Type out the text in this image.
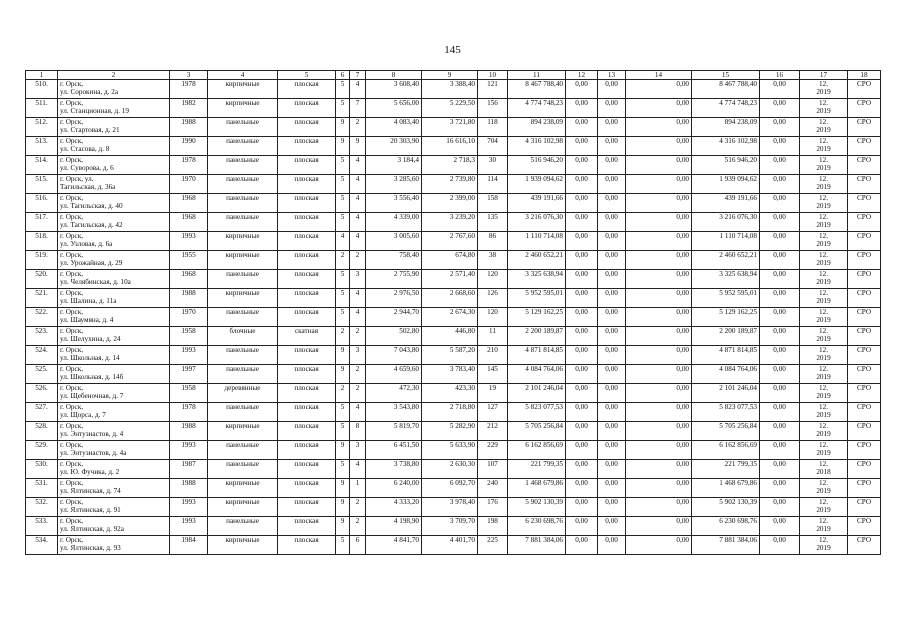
145
1	2	3	4	5	6	7	8	9	10	11	12	13	14	15	16	17	18
510.	г. Орск,
ул. Сорокина, д. 2а	1978	кирпичные	плоская	5	4	3 608,40	3 388,40	121	8 467 788,40	0,00	0,00	0,00	8 467 788,40	0,00	12.
2019	СРО
511.	г. Орск,
ул. Станционная, д. 19	1982	кирпичные	плоская	5	7	5 656,00	5 229,50	156	4 774 748,23	0,00	0,00	0,00	4 774 748,23	0,00	12.
2019	СРО
512.	г. Орск,
ул. Стартовая, д. 21	1988	панельные	плоская	9	2	4 083,40	3 721,80	118	894 238,09	0,00	0,00	0,00	894 238,09	0,00	12.
2019	СРО
513.	г. Орск,
ул. Стасова, д. 8	1990	панельные	плоская	9	9	20 303,90	16 616,10	704	4 316 102,98	0,00	0,00	0,00	4 316 102,98	0,00	12.
2019	СРО
514.	г. Орск,
ул. Суворова, д. 6	1978	панельные	плоская	5	4	3 184,4	2 718,3	30	516 946,20	0,00	0,00	0,00	516 946,20	0,00	12.
2019	СРО
515.	г. Орск, ул.
Тагильская, д. 36а	1970	панельные	плоская	5	4	3 285,60	2 739,80	114	1 939 094,62	0,00	0,00	0,00	1 939 094,62	0,00	12.
2019	СРО
516.	г. Орск,
ул. Тагильская, д. 40	1968	панельные	плоская	5	4	3 556,40	2 399,00	158	439 191,66	0,00	0,00	0,00	439 191,66	0,00	12.
2019	СРО
517.	г. Орск,
ул. Тагильская, д. 42	1968	панельные	плоская	5	4	4 339,00	3 239,20	135	3 216 076,30	0,00	0,00	0,00	3 216 076,30	0,00	12.
2019	СРО
518.	г. Орск,
ул. Узловая, д. 6а	1993	кирпичные	плоская	4	4	3 005,60	2 767,60	86	1 110 714,08	0,00	0,00	0,00	1 110 714,08	0,00	12.
2019	СРО
519.	г. Орск,
ул. Урожайная, д. 29	1955	кирпичные	плоская	2	2	758,40	674,80	38	2 460 652,21	0,00	0,00	0,00	2 460 652,21	0,00	12.
2019	СРО
520.	г. Орск,
ул. Челябинская, д. 10а	1968	панельные	плоская	5	3	2 755,90	2 571,40	120	3 325 638,94	0,00	0,00	0,00	3 325 638,94	0,00	12.
2019	СРО
521.	г. Орск,
ул. Шалина, д. 11а	1988	кирпичные	плоская	5	4	2 976,50	2 668,60	126	5 952 595,01	0,00	0,00	0,00	5 952 595,01	0,00	12.
2019	СРО
522.	г. Орск,
ул. Шаумяна, д. 4	1970	панельные	плоская	5	4	2 944,70	2 674,30	120	5 129 162,25	0,00	0,00	0,00	5 129 162,25	0,00	12.
2019	СРО
523.	г. Орск,
ул. Шелухина, д. 24	1958	блочные	скатная	2	2	502,80	446,80	11	2 200 189,87	0,00	0,00	0,00	2 200 189,87	0,00	12.
2019	СРО
524.	г. Орск,
ул. Школьная, д. 14	1993	панельные	плоская	9	3	7 043,80	5 587,20	210	4 871 814,85	0,00	0,00	0,00	4 871 814,85	0,00	12.
2019	СРО
525.	г. Орск,
ул. Школьная, д. 14б	1997	панельные	плоская	9	2	4 659,60	3 783,40	145	4 084 764,06	0,00	0,00	0,00	4 084 764,06	0,00	12.
2019	СРО
526.	г. Орск,
ул. Щебеночная, д. 7	1958	деревянные	плоская	2	2	472,30	423,30	19	2 101 246,04	0,00	0,00	0,00	2 101 246,04	0,00	12.
2019	СРО
527.	г. Орск,
ул. Щорса, д. 7	1978	панельные	плоская	5	4	3 543,80	2 718,80	127	5 823 077,53	0,00	0,00	0,00	5 823 077,53	0,00	12.
2019	СРО
528.	г. Орск,
ул. Энтузиастов, д. 4	1988	кирпичные	плоская	5	8	5 819,70	5 282,90	212	5 705 256,84	0,00	0,00	0,00	5 705 256,84	0,00	12.
2019	СРО
529.	г. Орск,
ул. Энтузиастов, д. 4а	1993	панельные	плоская	9	3	6 451,50	5 633,90	229	6 162 856,69	0,00	0,00	0,00	6 162 856,69	0,00	12.
2019	СРО
530.	г. Орск,
ул. Ю. Фучика, д. 2	1987	панельные	плоская	5	4	3 738,80	2 630,30	107	221 799,35	0,00	0,00	0,00	221 799,35	0,00	12.
2018	СРО
531.	г. Орск,
ул. Ялтинская, д. 74	1988	кирпичные	плоская	9	1	6 240,00	6 092,70	240	1 468 679,86	0,00	0,00	0,00	1 468 679,86	0,00	12.
2019	СРО
532.	г. Орск,
ул. Ялтинская, д. 91	1993	кирпичные	плоская	9	2	4 333,20	3 978,40	176	5 902 130,39	0,00	0,00	0,00	5 902 130,39	0,00	12.
2019	СРО
533.	г. Орск,
ул. Ялтинская, д. 92а	1993	панельные	плоская	9	2	4 198,90	3 709,70	198	6 230 698,76	0,00	0,00	0,00	6 230 698,76	0,00	12.
2019	СРО
534.	г. Орск,
ул. Ялтинская, д. 93	1984	кирпичные	плоская	5	6	4 841,70	4 401,70	225	7 881 384,06	0,00	0,00	0,00	7 881 384,06	0,00	12.
2019	СРО
